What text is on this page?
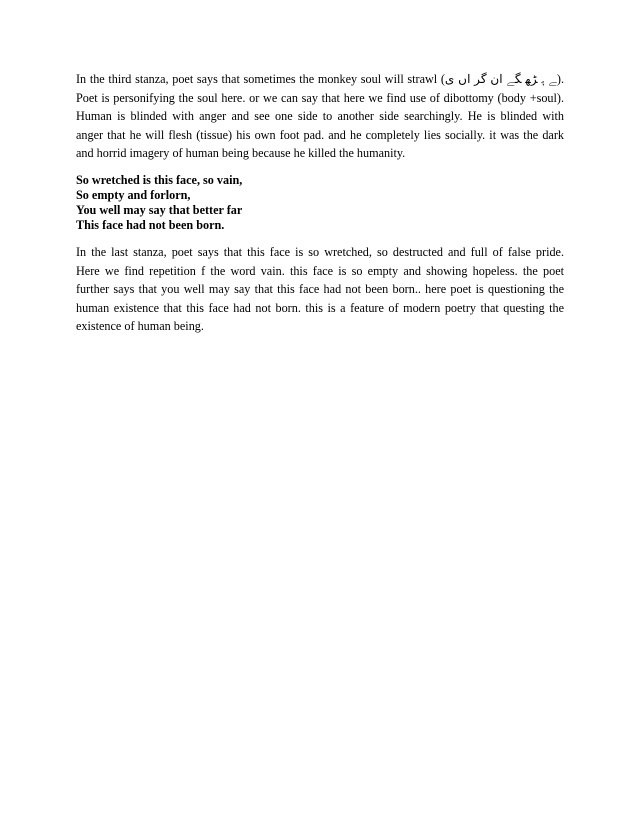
In the third stanza, poet says that sometimes the monkey soul will strawl (ﮯ ﮨ ﮍﮭ ﮕﮯ ﺍﻥ ﮔﺮ ﺍﮞ ﯼ).

Poet is personifying the soul here. or we can say that here we find use of dibottomy (body +soul).

Human is blinded with anger and see one side to another side searchingly. He is blinded with

anger that he will flesh (tissue) his own foot pad. and he completely lies socially. it was the dark

and horrid imagery of human being because he killed the humanity.

So wretched is this face, so vain,

So empty and forlorn,

You well may say that better far

This face had not been born.

In the last stanza, poet says that this face is so wretched, so destructed and full of false pride.

Here we find repetition f the word vain. this face is so empty and showing hopeless. the poet

further says that you well may say that this face had not been born.. here poet is questioning the

human existence that this face had not born. this is a feature of modern poetry that questing the

existence of human being.
